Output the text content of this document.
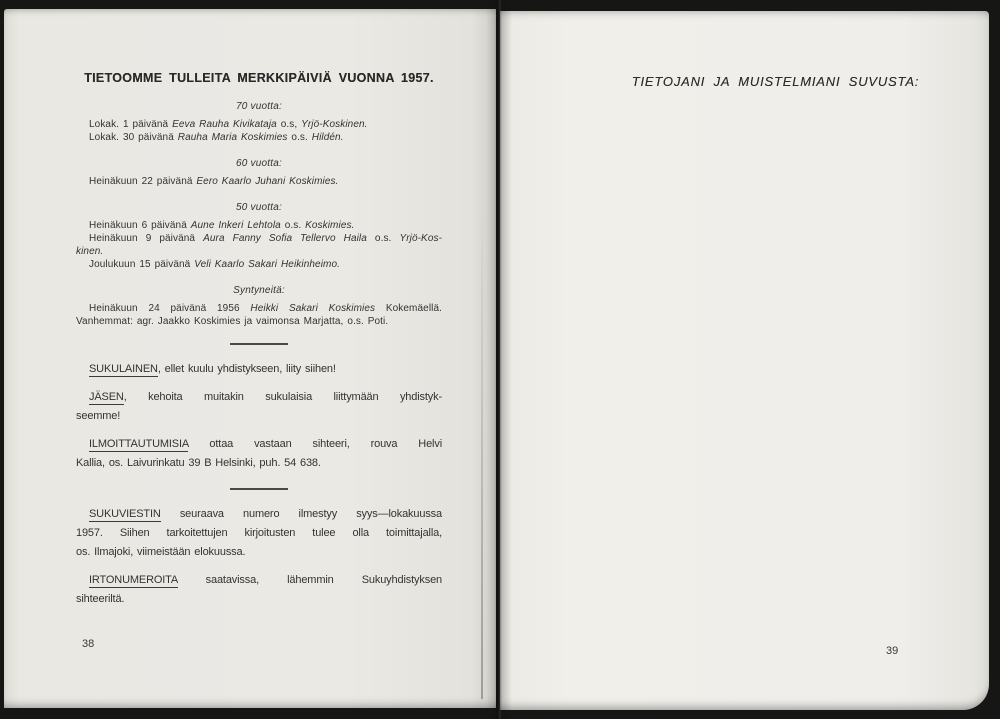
TIETOOMME TULLEITA MERKKIPÄIVIÄ VUONNA 1957.
70 vuotta:
Lokak. 1 päivänä Eeva Rauha Kivikataja o.s, Yrjö-Koskinen.
Lokak. 30 päivänä Rauha Maria Koskimies o.s. Hildén.
60 vuotta:
Heinäkuun 22 päivänä Eero Kaarlo Juhani Koskimies.
50 vuotta:
Heinäkuun 6 päivänä Aune Inkeri Lehtola o.s. Koskimies.
Heinäkuun 9 päivänä Aura Fanny Sofia Tellervo Haila o.s. Yrjö-Kos-
kinen.
Joulukuun 15 päivänä Veli Kaarlo Sakari Heikinheimo.
Syntyneitä:
Heinäkuun 24 päivänä 1956 Heikki Sakari Koskimies Kokemäellä.
Vanhemmat: agr. Jaakko Koskimies ja vaimonsa Marjatta, o.s. Poti.
SUKULAINEN, ellet kuulu yhdistykseen, liity siihen!
JÄSEN, kehoita muitakin sukulaisia liittymään yhdistyk-
seemme!
ILMOITTAUTUMISIA ottaa vastaan sihteeri, rouva Helvi
Kallia, os. Laivurinkatu 39 B Helsinki, puh. 54 638.
SUKUVIESTIN seuraava numero ilmestyy syys—lokakuussa
1957. Siihen tarkoitettujen kirjoitusten tulee olla toimittajalla,
os. Ilmajoki, viimeistään elokuussa.
IRTONUMEROITA saatavissa, lähemmin Sukuyhdistyksen
sihteeriltä.
38
TIETOJANI JA MUISTELMIANI SUVUSTA:
39
